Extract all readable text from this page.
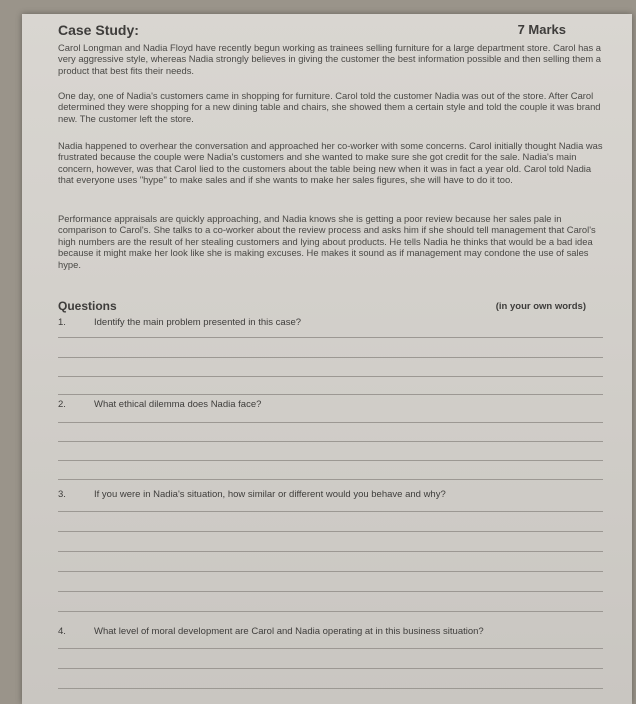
Case Study:	7 Marks

Carol Longman and Nadia Floyd have recently begun working as trainees selling furniture for a large department store. Carol has a very aggressive style, whereas Nadia strongly believes in giving the customer the best information possible and then selling them a product that best fits their needs.

One day, one of Nadia's customers came in shopping for furniture. Carol told the customer Nadia was out of the store. After Carol determined they were shopping for a new dining table and chairs, she showed them a certain style and told the couple it was brand new. The customer left the store.

Nadia happened to overhear the conversation and approached her co-worker with some concerns. Carol initially thought Nadia was frustrated because the couple were Nadia's customers and she wanted to make sure she got credit for the sale. Nadia's main concern, however, was that Carol lied to the customers about the table being new when it was in fact a year old. Carol told Nadia that everyone uses "hype" to make sales and if she wants to make her sales figures, she will have to do it too.

Performance appraisals are quickly approaching, and Nadia knows she is getting a poor review because her sales pale in comparison to Carol's. She talks to a co-worker about the review process and asks him if she should tell management that Carol's high numbers are the result of her stealing customers and lying about products. He tells Nadia he thinks that would be a bad idea because it might make her look like she is making excuses. He makes it sound as if management may condone the use of sales hype.

Questions	(in your own words)
1.	Identify the main problem presented in this case?
2.	What ethical dilemma does Nadia face?
3.	If you were in Nadia's situation, how similar or different would you behave and why?
4.	What level of moral development are Carol and Nadia operating at in this business situation?
